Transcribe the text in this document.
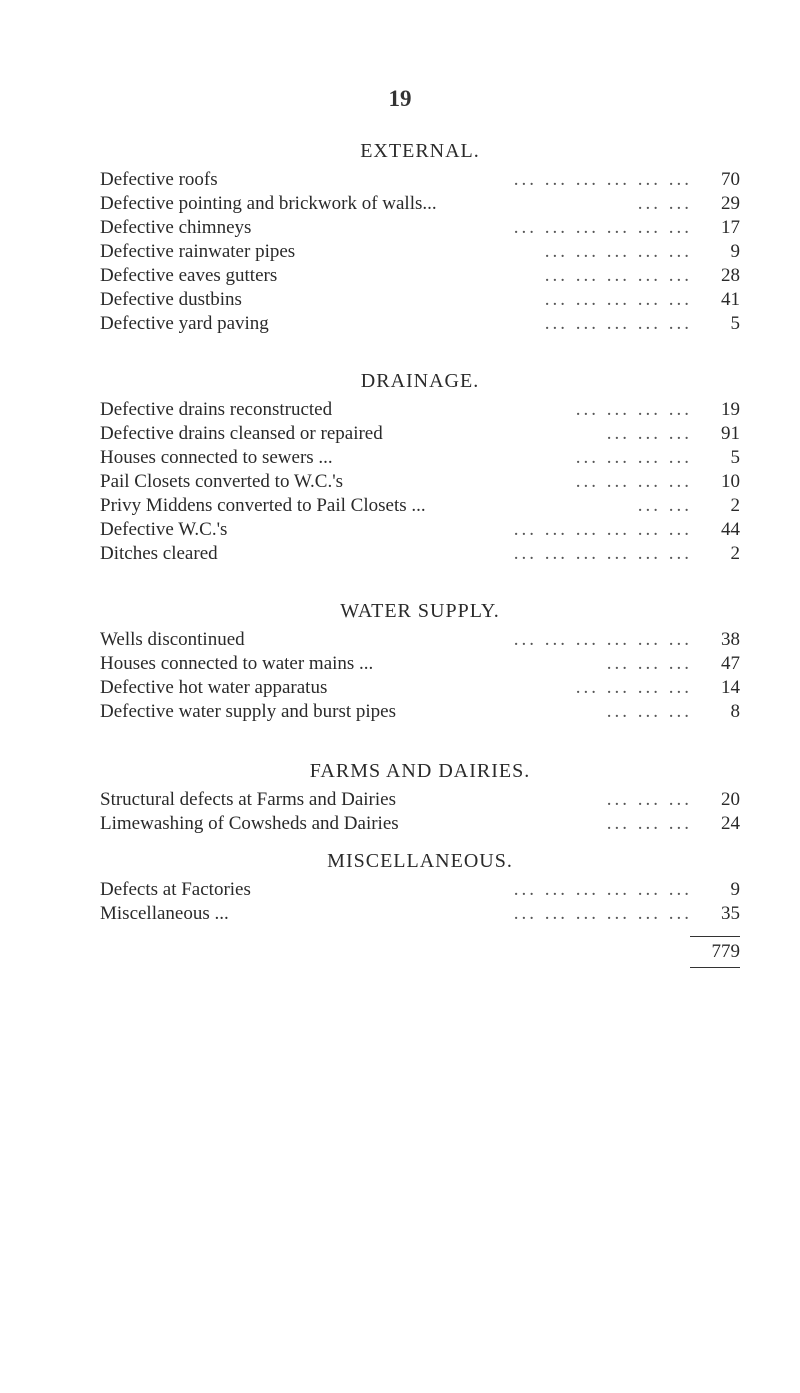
19
EXTERNAL.
Defective roofs	... ... ... ... ... ...	70
Defective pointing and brickwork of walls...	... ...	29
Defective chimneys	... ... ... ... ... ...	17
Defective rainwater pipes	... ... ... ... ...	9
Defective eaves gutters	... ... ... ... ...	28
Defective dustbins	... ... ... ... ...	41
Defective yard paving	... ... ... ... ...	5
DRAINAGE.
Defective drains reconstructed	... ... ... ...	19
Defective drains cleansed or repaired	... ... ...	91
Houses connected to sewers ...	... ... ... ...	5
Pail Closets converted to W.C.'s	... ... ... ...	10
Privy Middens converted to Pail Closets ...	... ...	2
Defective W.C.'s	... ... ... ... ... ...	44
Ditches cleared	... ... ... ... ... ...	2
WATER SUPPLY.
Wells discontinued	... ... ... ... ... ...	38
Houses connected to water mains ...	... ... ...	47
Defective hot water apparatus	... ... ... ...	14
Defective water supply and burst pipes	... ... ...	8
FARMS AND DAIRIES.
Structural defects at Farms and Dairies	... ... ...	20
Limewashing of Cowsheds and Dairies	... ... ...	24
MISCELLANEOUS.
Defects at Factories	... ... ... ... ... ...	9
Miscellaneous ...	... ... ... ... ... ...	35
779
